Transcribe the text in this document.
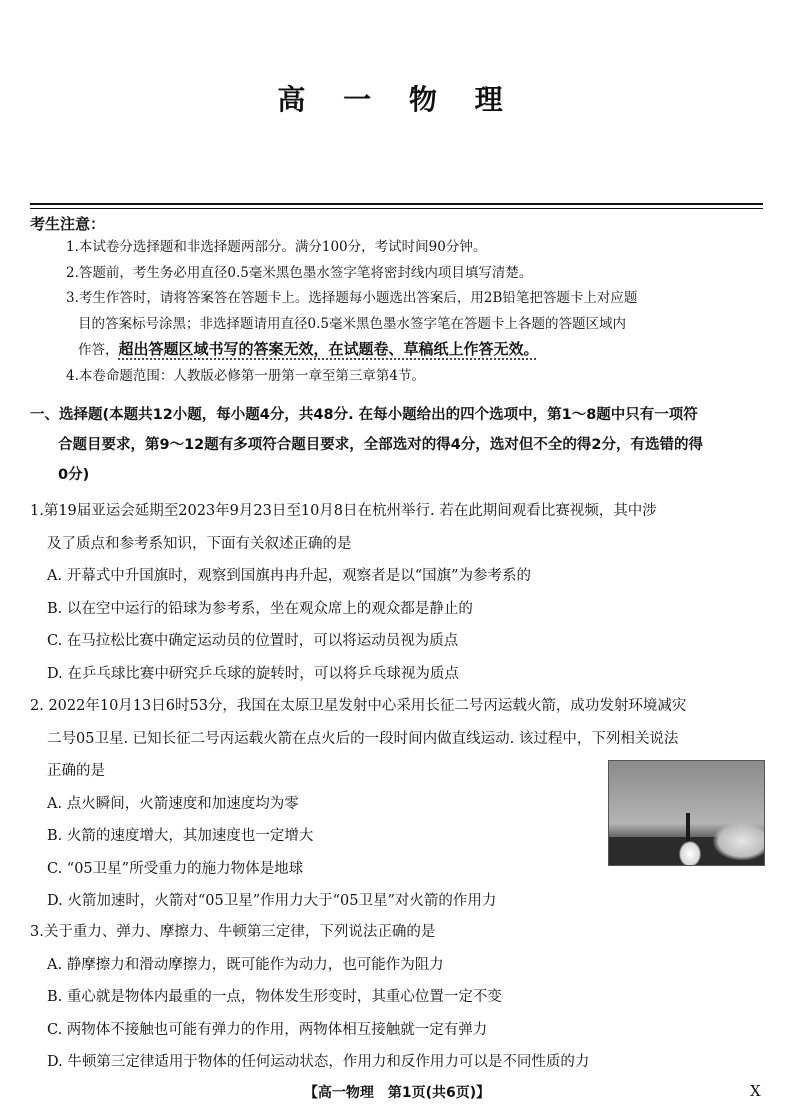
高 一 物 理
考生注意：
1.本试卷分选择题和非选择题两部分。满分100分，考试时间90分钟。
2.答题前，考生务必用直径0.5毫米黑色墨水签字笔将密封线内项目填写清楚。
3.考生作答时，请将答案答在答题卡上。选择题每小题选出答案后，用2B铅笔把答题卡上对应题
目的答案标号涂黑；非选择题请用直径0.5毫米黑色墨水签字笔在答题卡上各题的答题区域内
作答，超出答题区域书写的答案无效，在试题卷、草稿纸上作答无效。
4.本卷命题范围：人教版必修第一册第一章至第三章第4节。
一、选择题(本题共12小题，每小题4分，共48分. 在每小题给出的四个选项中，第1～8题中只有一项符
合题目要求，第9～12题有多项符合题目要求，全部选对的得4分，选对但不全的得2分，有选错的得
0分)
1.第19届亚运会延期至2023年9月23日至10月8日在杭州举行. 若在此期间观看比赛视频，其中涉
及了质点和参考系知识，下面有关叙述正确的是
A. 开幕式中升国旗时，观察到国旗冉冉升起，观察者是以“国旗”为参考系的
B. 以在空中运行的铅球为参考系，坐在观众席上的观众都是静止的
C. 在马拉松比赛中确定运动员的位置时，可以将运动员视为质点
D. 在乒乓球比赛中研究乒乓球的旋转时，可以将乒乓球视为质点
2. 2022年10月13日6时53分，我国在太原卫星发射中心采用长征二号丙运载火箭，成功发射环境减灾
二号05卫星. 已知长征二号丙运载火箭在点火后的一段时间内做直线运动. 该过程中，下列相关说法
正确的是
A. 点火瞬间，火箭速度和加速度均为零
B. 火箭的速度增大，其加速度也一定增大
C. “05卫星”所受重力的施力物体是地球
D. 火箭加速时，火箭对“05卫星”作用力大于“05卫星”对火箭的作用力
3.关于重力、弹力、摩擦力、牛顿第三定律，下列说法正确的是
A. 静摩擦力和滑动摩擦力，既可能作为动力，也可能作为阻力
B. 重心就是物体内最重的一点，物体发生形变时，其重心位置一定不变
C. 两物体不接触也可能有弹力的作用，两物体相互接触就一定有弹力
D. 牛顿第三定律适用于物体的任何运动状态，作用力和反作用力可以是不同性质的力
【高一物理　第1页(共6页)】	X
